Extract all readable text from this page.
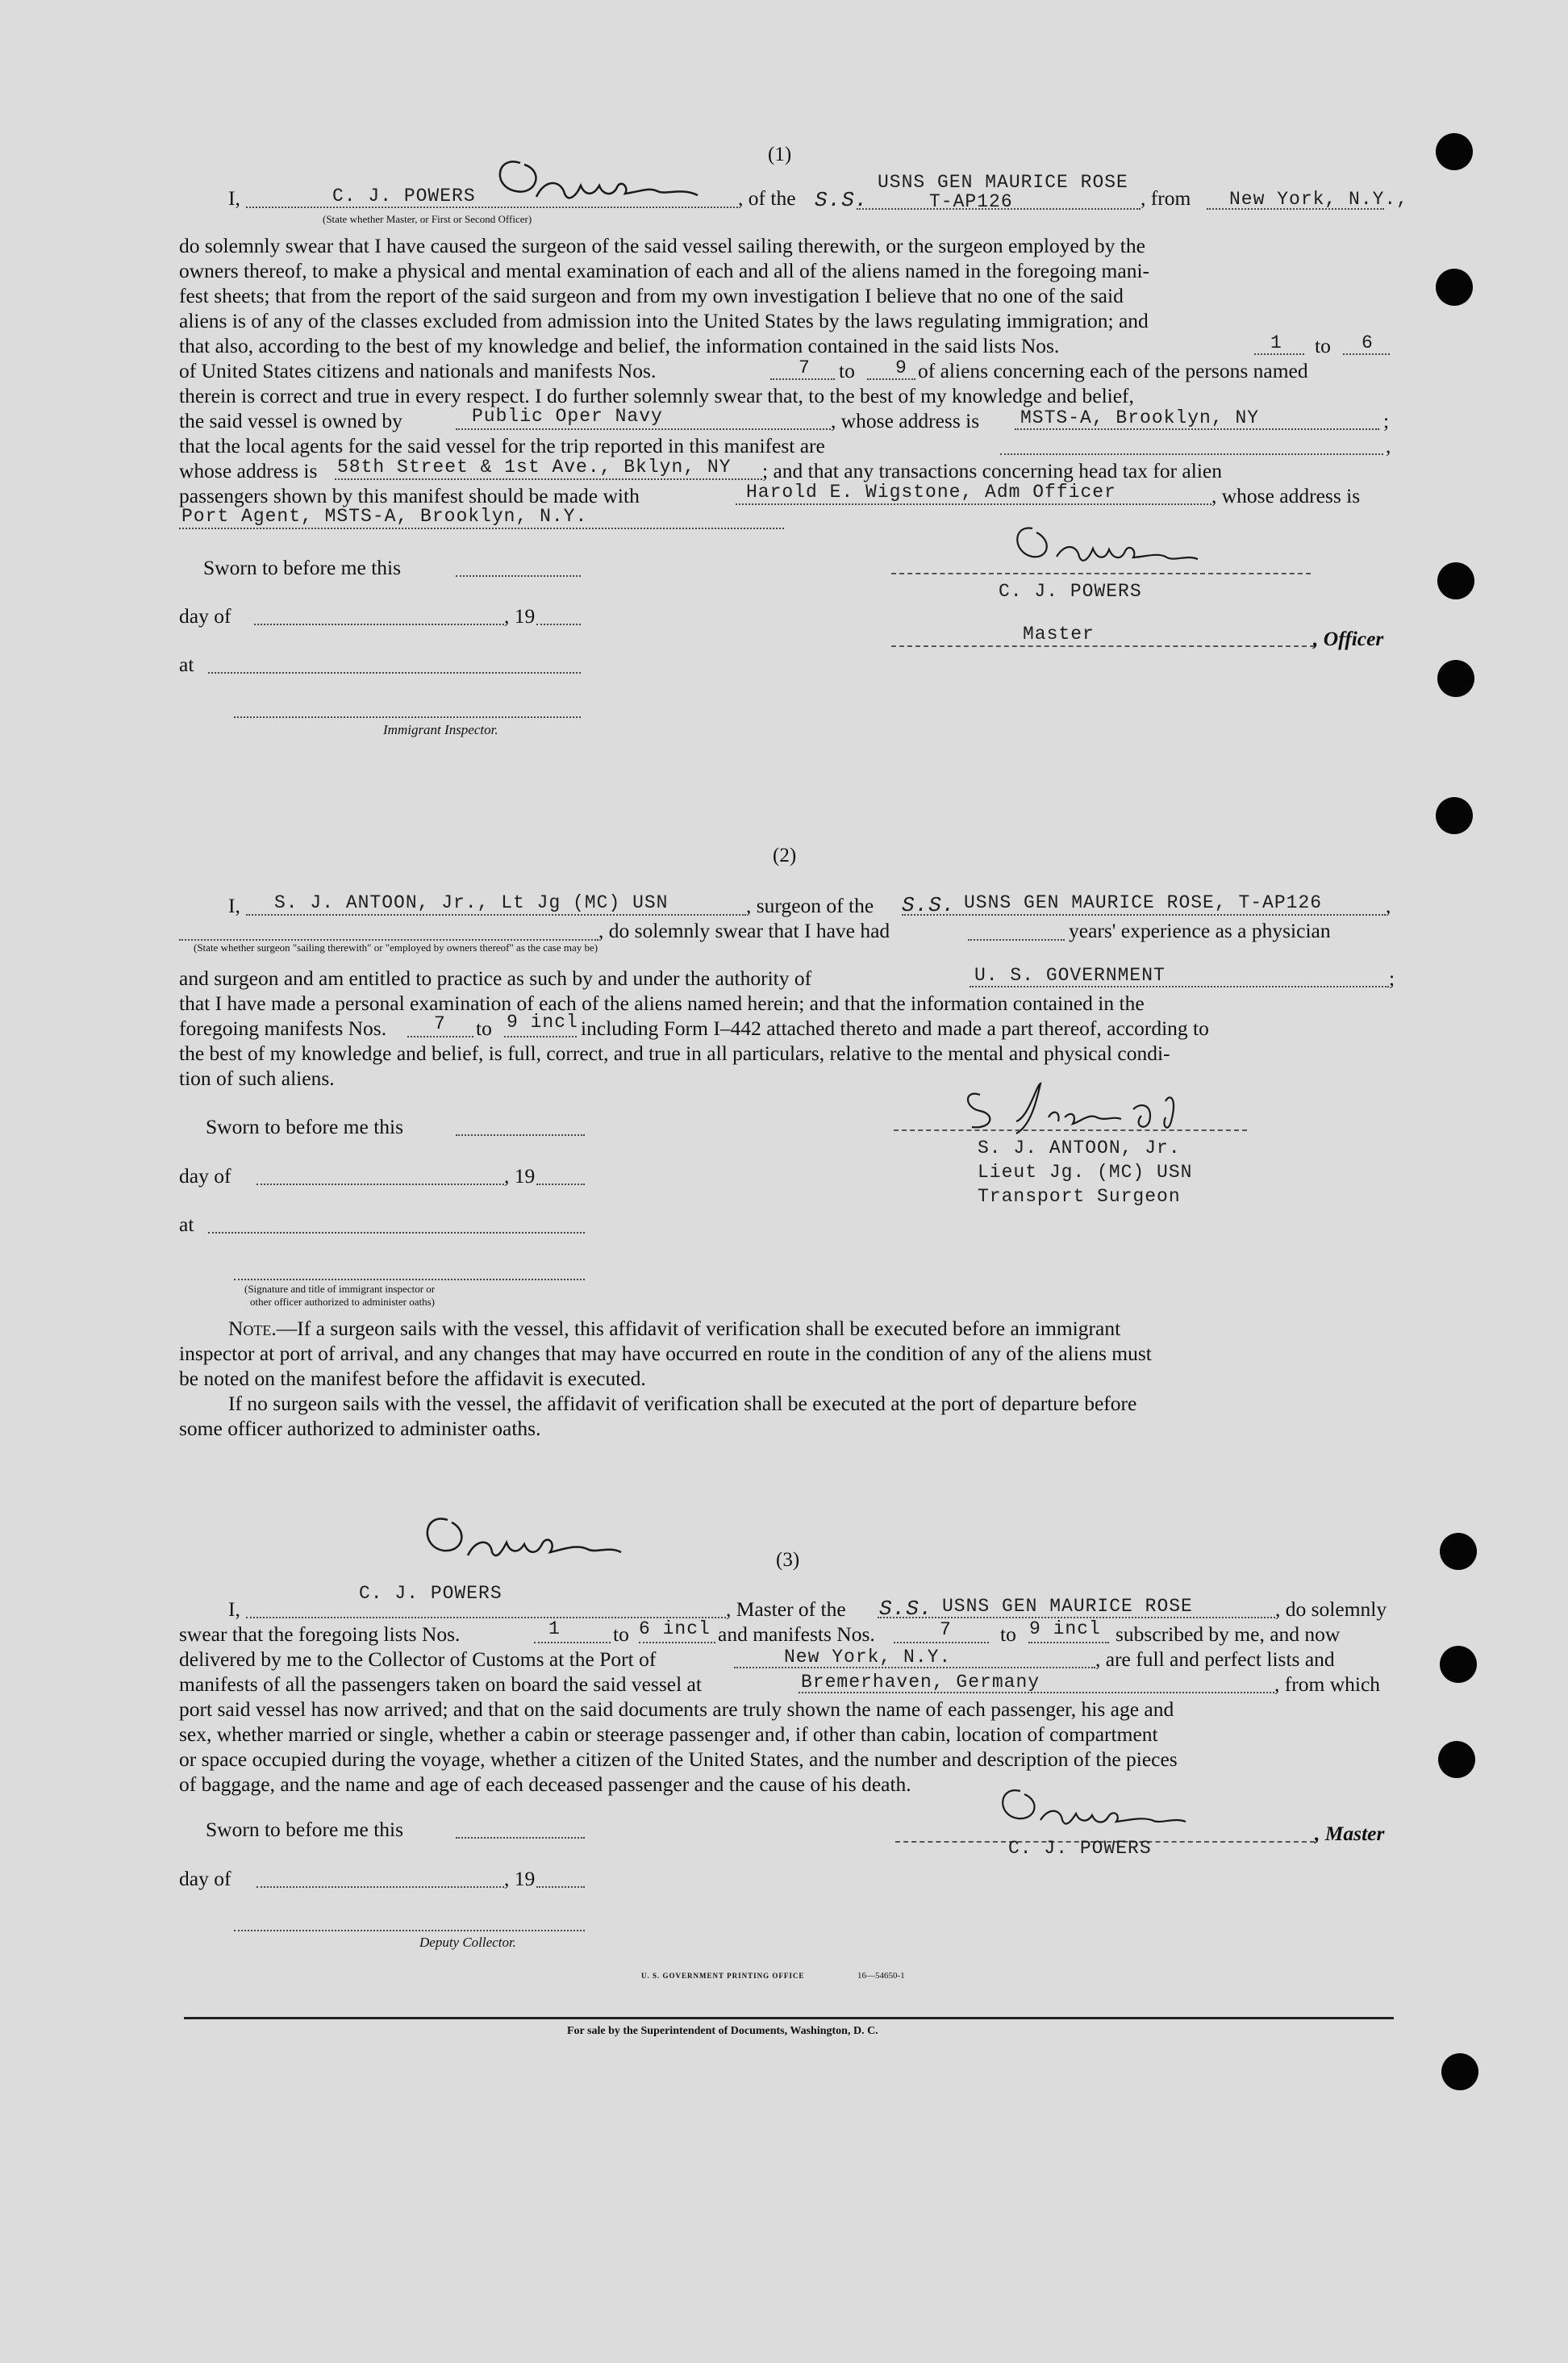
(1)
I,	C. J. POWERS
(State whether Master, or First or Second Officer)
, of the S.S.
USNS GEN MAURICE ROSE
T-AP126	, from New York, N.Y.,
do solemnly swear that I have caused the surgeon of the said vessel sailing therewith, or the surgeon employed by the
owners thereof, to make a physical and mental examination of each and all of the aliens named in the foregoing mani-
fest sheets; that from the report of the said surgeon and from my own investigation I believe that no one of the said
aliens is of any of the classes excluded from admission into the United States by the laws regulating immigration; and
that also, according to the best of my knowledge and belief, the information contained in the said lists Nos.	1 to 6
of United States citizens and nationals and manifests Nos.	7 to 9 of aliens concerning each of the persons named
therein is correct and true in every respect. I do further solemnly swear that, to the best of my knowledge and belief,
the said vessel is owned by	Public Oper Navy	, whose address is MSTS-A, Brooklyn, NY	;
that the local agents for the said vessel for the trip reported in this manifest are	,
whose address is 58th Street & 1st Ave., Bklyn, NY ; and that any transactions concerning head tax for alien
passengers shown by this manifest should be made with	Harold E. Wigstone, Adm Officer	, whose address is
Port Agent, MSTS-A, Brooklyn, N.Y.
Sworn to before me this
day of	, 19
at
Immigrant Inspector.
C. J. POWERS
Master	, Officer
(2)
I, S. J. ANTOON, Jr., Lt Jg (MC) USN	, surgeon of the S.S. USNS GEN MAURICE ROSE, T-AP126	,
, do solemnly swear that I have had	years' experience as a physician
(State whether surgeon "sailing therewith" or "employed by owners thereof" as the case may be)
and surgeon and am entitled to practice as such by and under the authority of	U. S. GOVERNMENT	;
that I have made a personal examination of each of the aliens named herein; and that the information contained in the
foregoing manifests Nos.	7 to 9 incl including Form I–442 attached thereto and made a part thereof, according to
the best of my knowledge and belief, is full, correct, and true in all particulars, relative to the mental and physical condi-
tion of such aliens.
Sworn to before me this
day of	, 19
at
(Signature and title of immigrant inspector or
other officer authorized to administer oaths)
S. J. ANTOON, Jr.
Lieut Jg. (MC) USN
Transport Surgeon
Note.—If a surgeon sails with the vessel, this affidavit of verification shall be executed before an immigrant
inspector at port of arrival, and any changes that may have occurred en route in the condition of any of the aliens must
be noted on the manifest before the affidavit is executed.
If no surgeon sails with the vessel, the affidavit of verification shall be executed at the port of departure before
some officer authorized to administer oaths.
(3)
I,
C. J. POWERS
, Master of the S.S. USNS GEN MAURICE ROSE	, do solemnly
swear that the foregoing lists Nos.	1	to 6 incl and manifests Nos.	7 to 9 incl subscribed by me, and now
delivered by me to the Collector of Customs at the Port of	New York, N.Y.	, are full and perfect lists and
manifests of all the passengers taken on board the said vessel at	Bremerhaven, Germany	, from which
port said vessel has now arrived; and that on the said documents are truly shown the name of each passenger, his age and
sex, whether married or single, whether a cabin or steerage passenger and, if other than cabin, location of compartment
or space occupied during the voyage, whether a citizen of the United States, and the number and description of the pieces
of baggage, and the name and age of each deceased passenger and the cause of his death.
Sworn to before me this
day of	, 19
Deputy Collector.
C. J. POWERS
, Master
U. S. GOVERNMENT PRINTING OFFICE	16—54650-1
For sale by the Superintendent of Documents, Washington, D. C.
